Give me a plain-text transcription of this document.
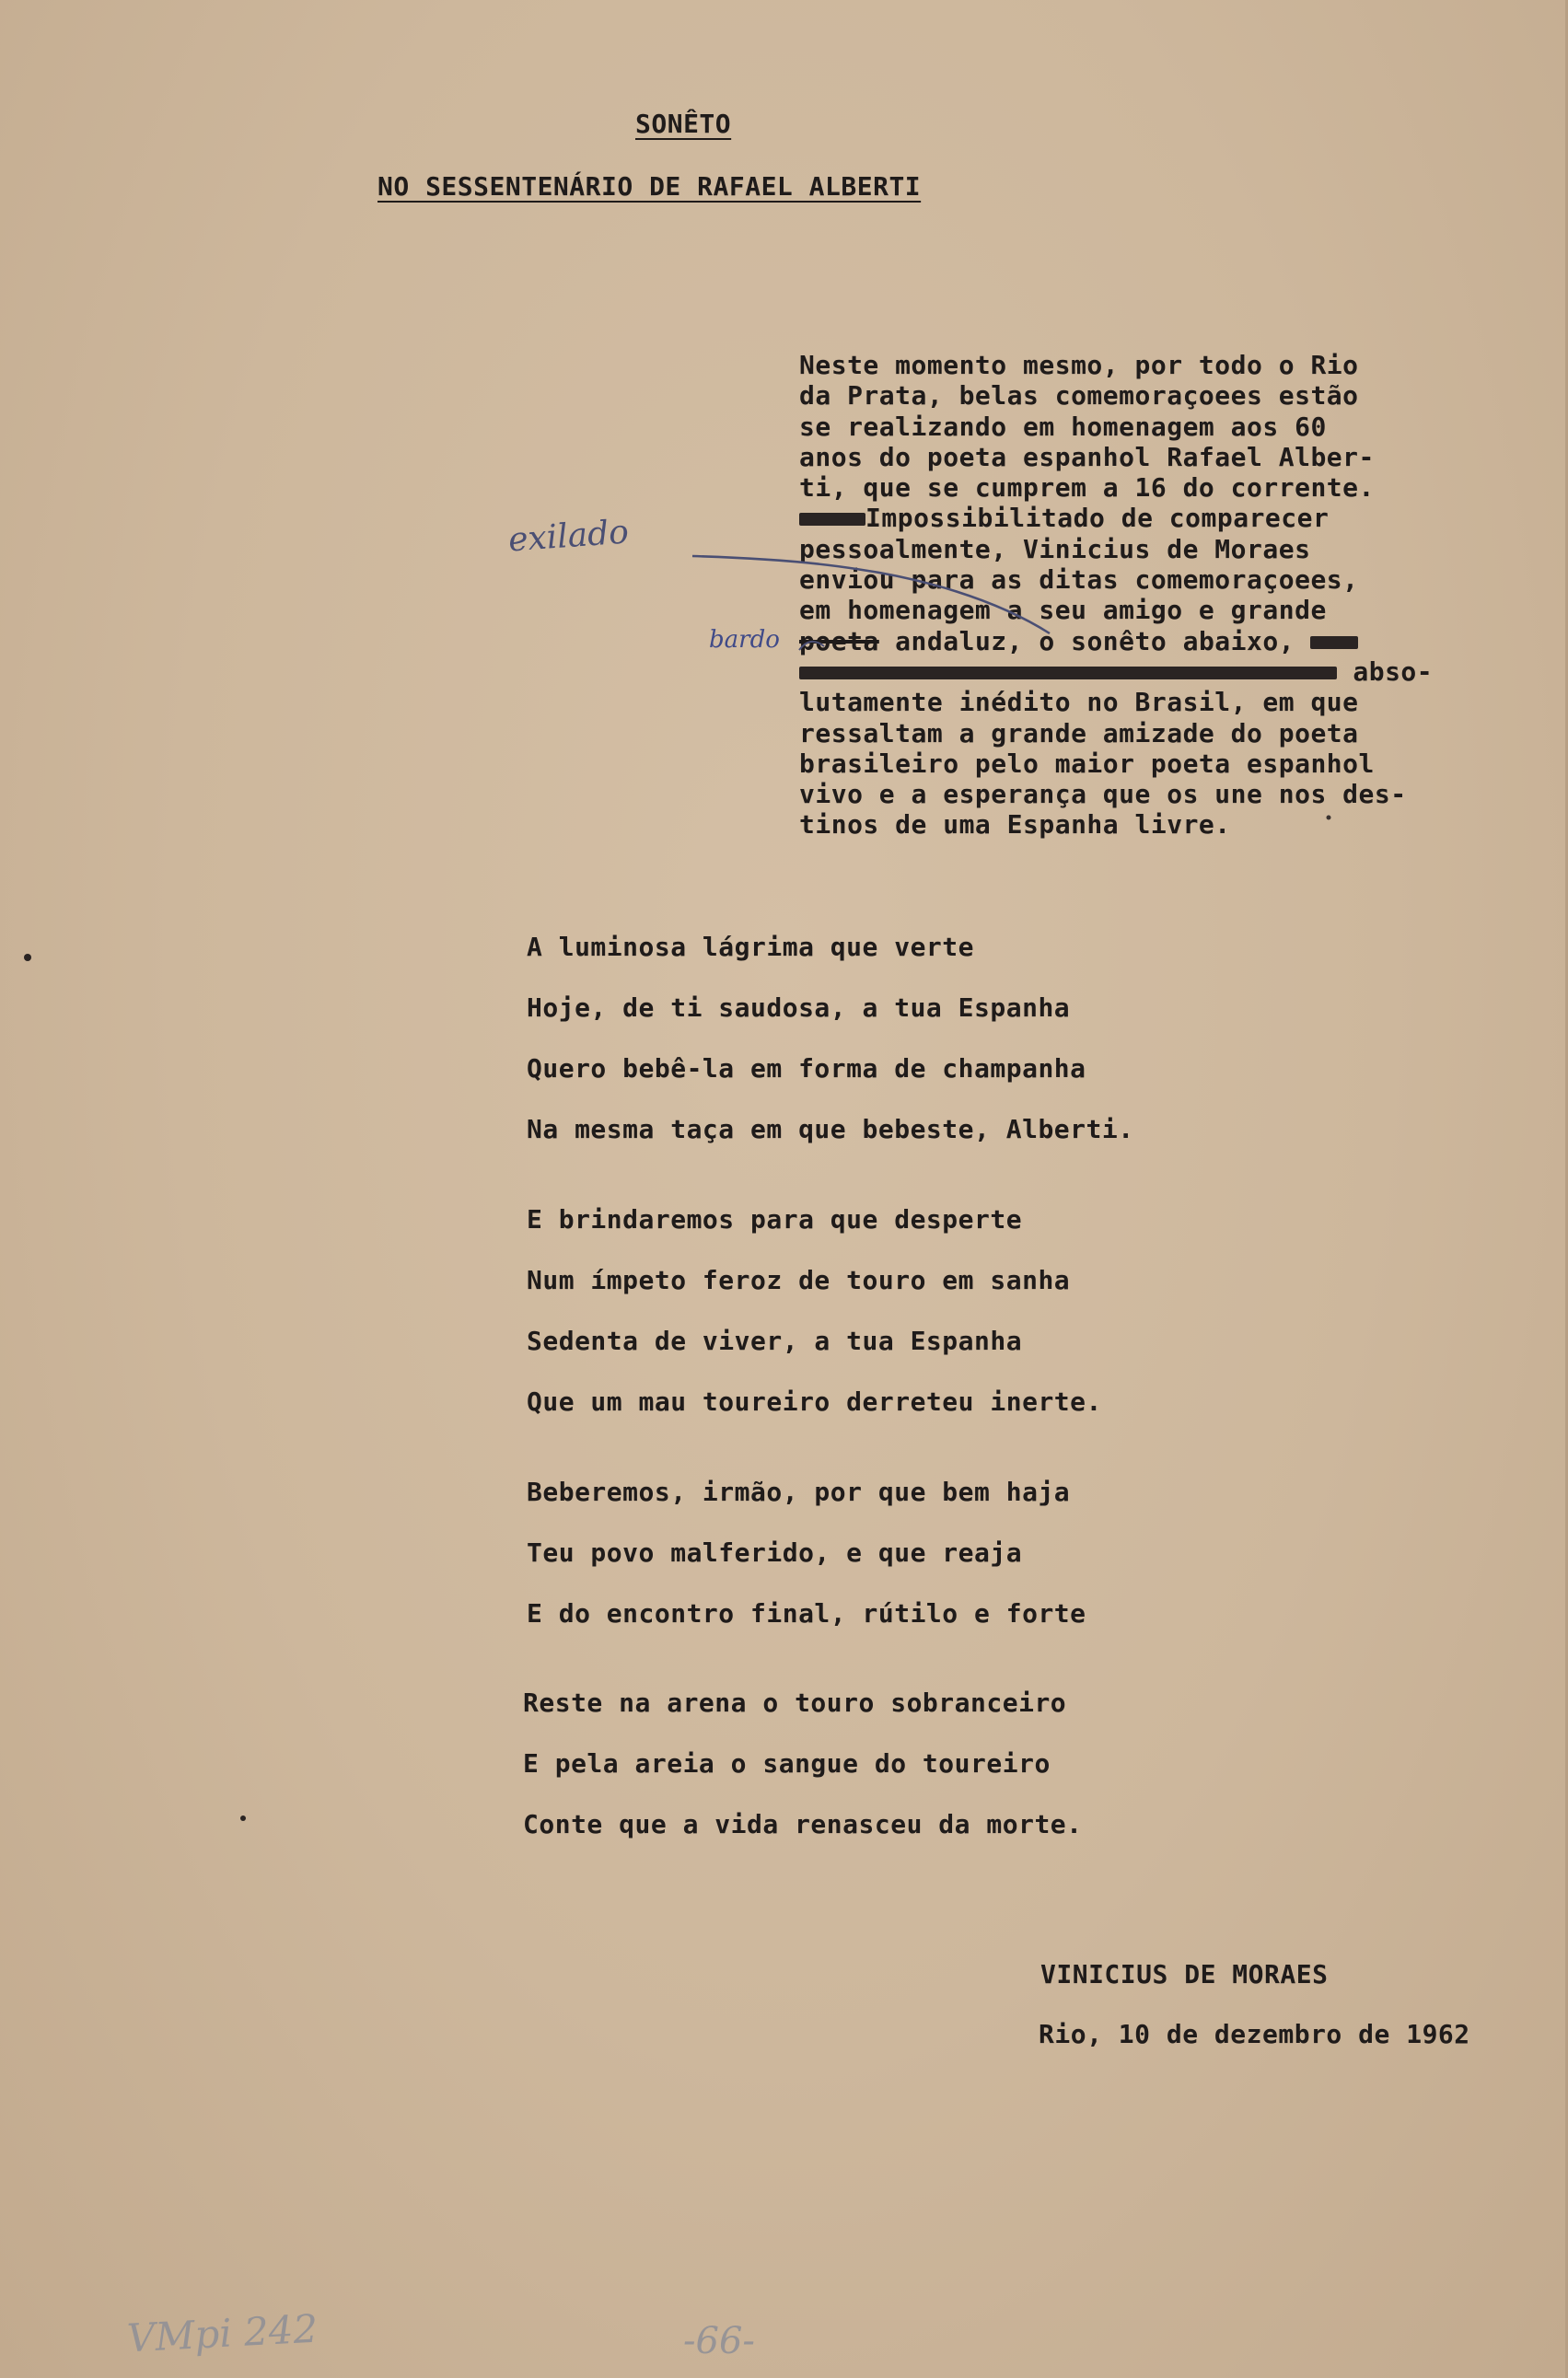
SONÊTO
NO SESSENTENÁRIO DE RAFAEL ALBERTI
Neste momento mesmo, por todo o Rio
da Prata, belas comemoraçoees estão
se realizando em homenagem aos 60
anos do poeta espanhol Rafael Alber-
ti, que se cumprem a 16 do corrente.
Impossibilitado de comparecer
pessoalmente, Vinicius de Moraes
enviou para as ditas comemoraçoees,
em homenagem a seu amigo e grande
poeta andaluz, o sonêto abaixo,
abso-
lutamente inédito no Brasil, em que
ressaltam a grande amizade do poeta
brasileiro pelo maior poeta espanhol
vivo e a esperança que os une nos des-
tinos de uma Espanha livre.
A luminosa lágrima que verte
Hoje, de ti saudosa, a tua Espanha
Quero bebê-la em forma de champanha
Na mesma taça em que bebeste, Alberti.
E brindaremos para que desperte
Num ímpeto feroz de touro em sanha
Sedenta de viver, a tua Espanha
Que um mau toureiro derreteu inerte.
Beberemos, irmão, por que bem haja
Teu povo malferido, e que reaja
E do encontro final, rútilo e forte
Reste na arena o touro sobranceiro
E pela areia o sangue do toureiro
Conte que a vida renasceu da morte.
VINICIUS DE MORAES
Rio, 10 de dezembro de 1962
exilado
bardo
VMpi 242	-66-
